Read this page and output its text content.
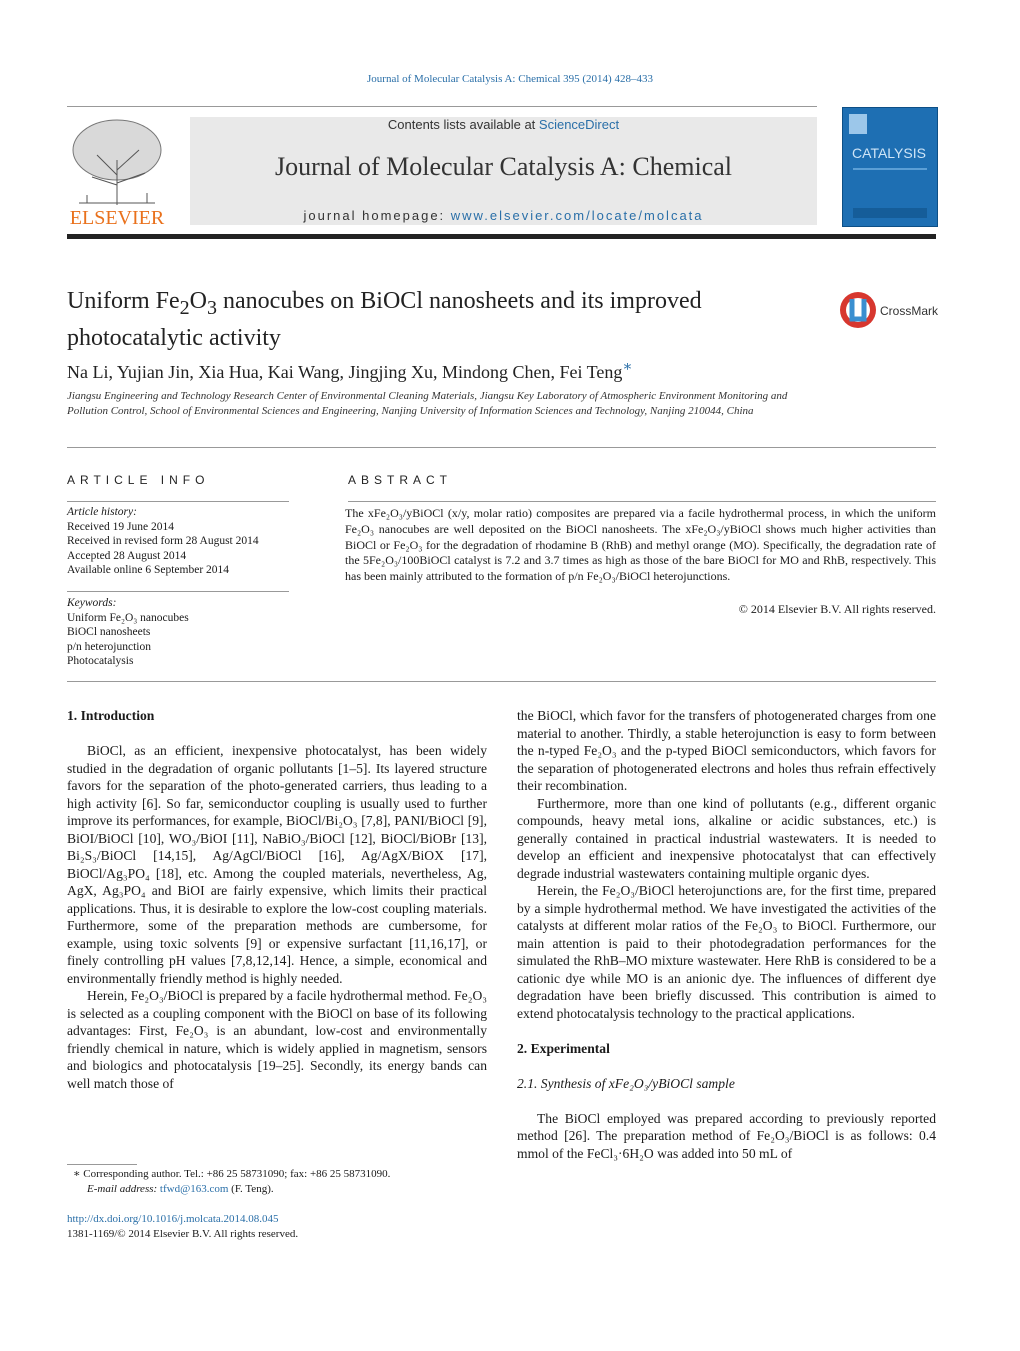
Journal of Molecular Catalysis A: Chemical 395 (2014) 428–433
ELSEVIER
Contents lists available at ScienceDirect
Journal of Molecular Catalysis A: Chemical
journal homepage: www.elsevier.com/locate/molcata
CATALYSIS
Uniform $Fe_2O_3$ nanocubes on BiOCl nanosheets and its improved photocatalytic activity
CrossMark
Na Li, Yujian Jin, Xia Hua, Kai Wang, Jingjing Xu, Mindong Chen, Fei Teng∗
Jiangsu Engineering and Technology Research Center of Environmental Cleaning Materials, Jiangsu Key Laboratory of Atmospheric Environment Monitoring and Pollution Control, School of Environmental Sciences and Engineering, Nanjing University of Information Sciences and Technology, Nanjing 210044, China
ARTICLE INFO	ABSTRACT
Article history:
Received 19 June 2014
Received in revised form 28 August 2014
Accepted 28 August 2014
Available online 6 September 2014
Keywords:
Uniform Fe₂O₃ nanocubes
BiOCl nanosheets
p/n heterojunction
Photocatalysis
The xFe₂O₃/yBiOCl (x/y, molar ratio) composites are prepared via a facile hydrothermal process, in which the uniform Fe₂O₃ nanocubes are well deposited on the BiOCl nanosheets. The xFe₂O₃/yBiOCl shows much higher activities than BiOCl or Fe₂O₃ for the degradation of rhodamine B (RhB) and methyl orange (MO). Specifically, the degradation rate of the 5Fe₂O₃/100BiOCl catalyst is 7.2 and 3.7 times as high as those of the bare BiOCl for MO and RhB, respectively. This has been mainly attributed to the formation of p/n Fe₂O₃/BiOCl heterojunctions.
© 2014 Elsevier B.V. All rights reserved.
1. Introduction

BiOCl, as an efficient, inexpensive photocatalyst, has been widely studied in the degradation of organic pollutants [1–5]. Its layered structure favors for the separation of the photo-generated carriers, thus leading to a high activity [6]. So far, semiconductor coupling is usually used to further improve its performances, for example, BiOCl/Bi₂O₃ [7,8], PANI/BiOCl [9], BiOI/BiOCl [10], WO₃/BiOI [11], NaBiO₃/BiOCl [12], BiOCl/BiOBr [13], Bi₂S₃/BiOCl [14,15], Ag/AgCl/BiOCl [16], Ag/AgX/BiOX [17], BiOCl/Ag₃PO₄ [18], etc. Among the coupled materials, nevertheless, Ag, AgX, Ag₃PO₄ and BiOI are fairly expensive, which limits their practical applications. Thus, it is desirable to explore the low-cost coupling materials. Furthermore, some of the preparation methods are cumbersome, for example, using toxic solvents [9] or expensive surfactant [11,16,17], or finely controlling pH values [7,8,12,14]. Hence, a simple, economical and environmentally friendly method is highly needed.

Herein, Fe₂O₃/BiOCl is prepared by a facile hydrothermal method. Fe₂O₃ is selected as a coupling component with the BiOCl on base of its following advantages: First, Fe₂O₃ is an abundant, low-cost and environmentally friendly chemical in nature, which is widely applied in magnetism, sensors and biologics and photocatalysis [19–25]. Secondly, its energy bands can well match those of

the BiOCl, which favor for the transfers of photogenerated charges from one material to another. Thirdly, a stable heterojunction is easy to form between the n-typed Fe₂O₃ and the p-typed BiOCl semiconductors, which favors for the separation of photogenerated electrons and holes thus refrain effectively their recombination.

Furthermore, more than one kind of pollutants (e.g., different organic compounds, heavy metal ions, alkaline or acidic substances, etc.) is generally contained in practical industrial wastewaters. It is needed to develop an efficient and inexpensive photocatalyst that can effectively degrade industrial wastewaters containing multiple organic dyes.

Herein, the Fe₂O₃/BiOCl heterojunctions are, for the first time, prepared by a simple hydrothermal method. We have investigated the activities of the catalysts at different molar ratios of the Fe₂O₃ to BiOCl. Furthermore, our main attention is paid to their photodegradation performances for the simulated the RhB–MO mixture wastewater. Here RhB is considered to be a cationic dye while MO is an anionic dye. The influences of different dye degradation have been briefly discussed. This contribution is aimed to extend photocatalysis technology to the practical applications.

2. Experimental
2.1. Synthesis of xFe₂O₃/yBiOCl sample

The BiOCl employed was prepared according to previously reported method [26]. The preparation method of Fe₂O₃/BiOCl is as follows: 0.4 mmol of the FeCl₃·6H₂O was added into 50 mL of

∗ Corresponding author. Tel.: +86 25 58731090; fax: +86 25 58731090.
E-mail address: tfwd@163.com (F. Teng).
http://dx.doi.org/10.1016/j.molcata.2014.08.045
1381-1169/© 2014 Elsevier B.V. All rights reserved.
